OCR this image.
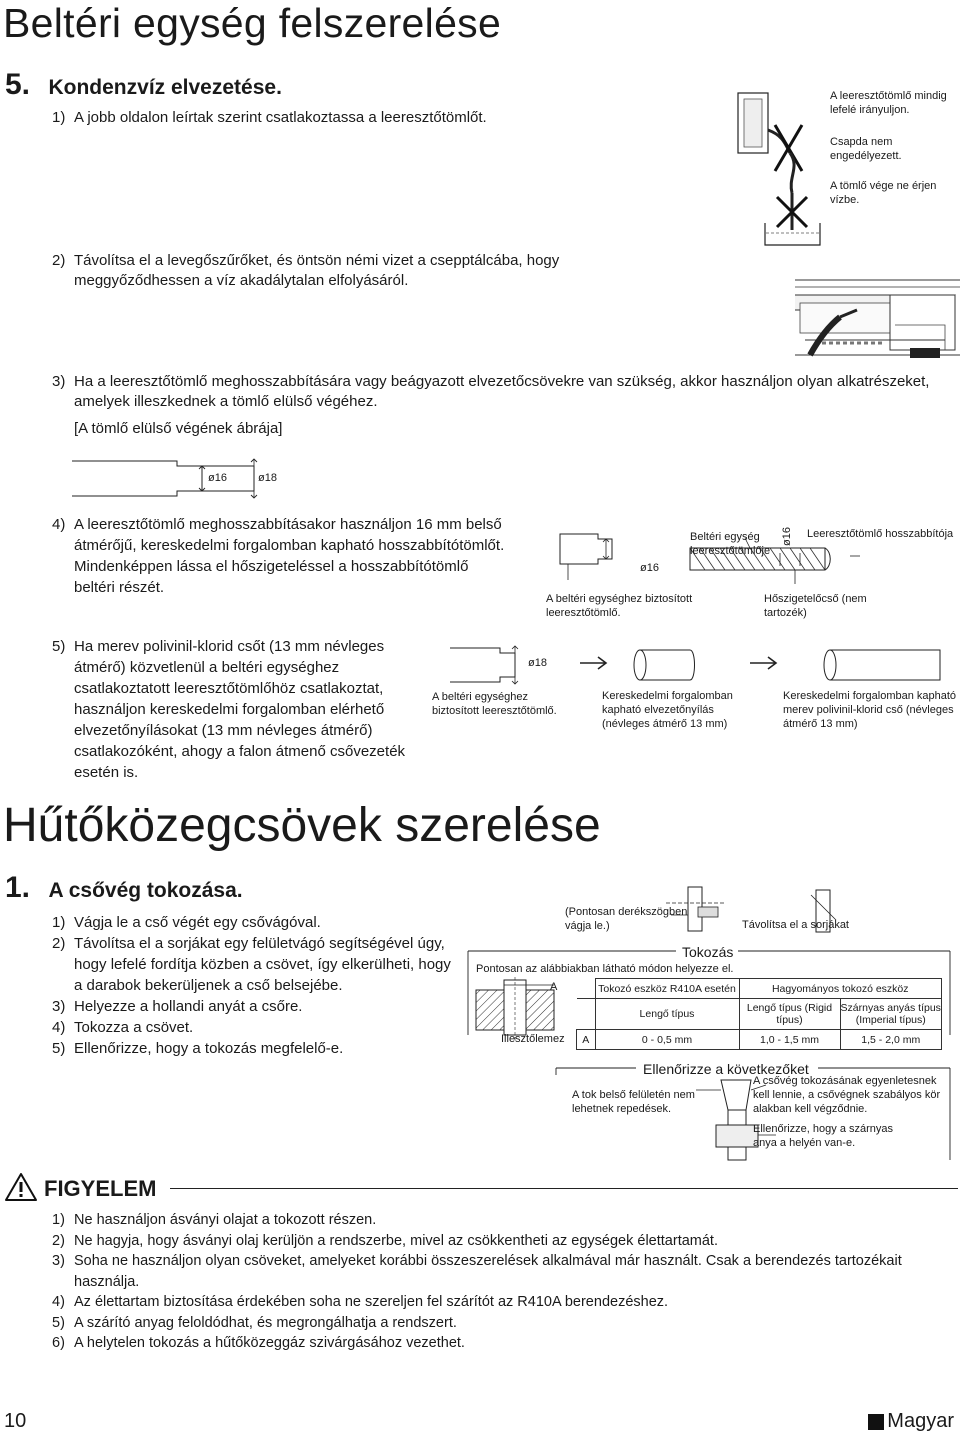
Beltéri egység felszerelése
5. Kondenzvíz elvezetése.
1) A jobb oldalon leírtak szerint csatlakoztassa a leeresztőtömlőt.
A leeresztőtömlő mindig lefelé irányuljon.
Csapda nem engedélyezett.
A tömlő vége ne érjen vízbe.
2) Távolítsa el a levegőszűrőket, és öntsön némi vizet a csepptálcába, hogy meggyőződhessen a víz akadálytalan elfolyásáról.
3) Ha a leeresztőtömlő meghosszabbítására vagy beágyazott elvezetőcsövekre van szükség, akkor használjon olyan alkatrészeket, amelyek illeszkednek a tömlő elülső végéhez.
[A tömlő elülső végének ábrája]
ø16	ø18
4) A leeresztőtömlő meghosszabbításakor használjon 16 mm belső átmérőjű, kereskedelmi forgalomban kapható hosszabbítótömlőt. Mindenképpen lássa el hőszigeteléssel a hosszabbítótömlő beltéri részét.
ø16
A beltéri egységhez biztosított leeresztőtömlő.
Beltéri egység leeresztőtömlője
ø16 Leeresztőtömlő hosszabbítója
Hőszigetelőcső (nem tartozék)
5) Ha merev polivinil-klorid csőt (13 mm névleges átmérő) közvetlenül a beltéri egységhez csatlakoztatott leeresztőtömlőhöz csatlakoztat, használjon kereskedelmi forgalomban elérhető elvezetőnyílásokat (13 mm névleges átmérő) csatlakozóként, ahogy a falon átmenő csővezeték esetén is.
ø18
A beltéri egységhez biztosított leeresztőtömlő.
Kereskedelmi forgalomban kapható elvezetőnyílás (névleges átmérő 13 mm)
Kereskedelmi forgalomban kapható merev polivinil-klorid cső (névleges átmérő 13 mm)
Hűtőközegcsövek szerelése
1. A csővég tokozása.
1) Vágja le a cső végét egy csővágóval.
2) Távolítsa el a sorjákat egy felületvágó segítségével úgy, hogy lefelé fordítja közben a csövet, így elkerülheti, hogy a darabok bekerüljenek a cső belsejébe.
3) Helyezze a hollandi anyát a csőre.
4) Tokozza a csövet.
5) Ellenőrizze, hogy a tokozás megfelelő-e.
(Pontosan derékszögben vágja le.)	Távolítsa el a sorjákat
Tokozás
Pontosan az alábbiakban látható módon helyezze el.
A
Illesztőlemez
	Tokozó eszköz R410A esetén	Hagyományos tokozó eszköz	
	Lengő típus	Lengő típus (Rigid típus)	Szárnyas anyás típus (Imperial típus)
A	0 - 0,5 mm	1,0 - 1,5 mm	1,5 - 2,0 mm
Ellenőrizze a következőket
A tok belső felületén nem lehetnek repedések.
A csővég tokozásának egyenletesnek kell lennie, a csővégnek szabályos kör alakban kell végződnie.
Ellenőrizze, hogy a szárnyas anya a helyén van-e.
FIGYELEM
1) Ne használjon ásványi olajat a tokozott részen.
2) Ne hagyja, hogy ásványi olaj kerüljön a rendszerbe, mivel az csökkentheti az egységek élettartamát.
3) Soha ne használjon olyan csöveket, amelyeket korábbi összeszerelések alkalmával már használt. Csak a berendezés tartozékait használja.
4) Az élettartam biztosítása érdekében soha ne szereljen fel szárítót az R410A berendezéshez.
5) A szárító anyag feloldódhat, és megrongálhatja a rendszert.
6) A helytelen tokozás a hűtőközeggáz szivárgásához vezethet.
10	Magyar
